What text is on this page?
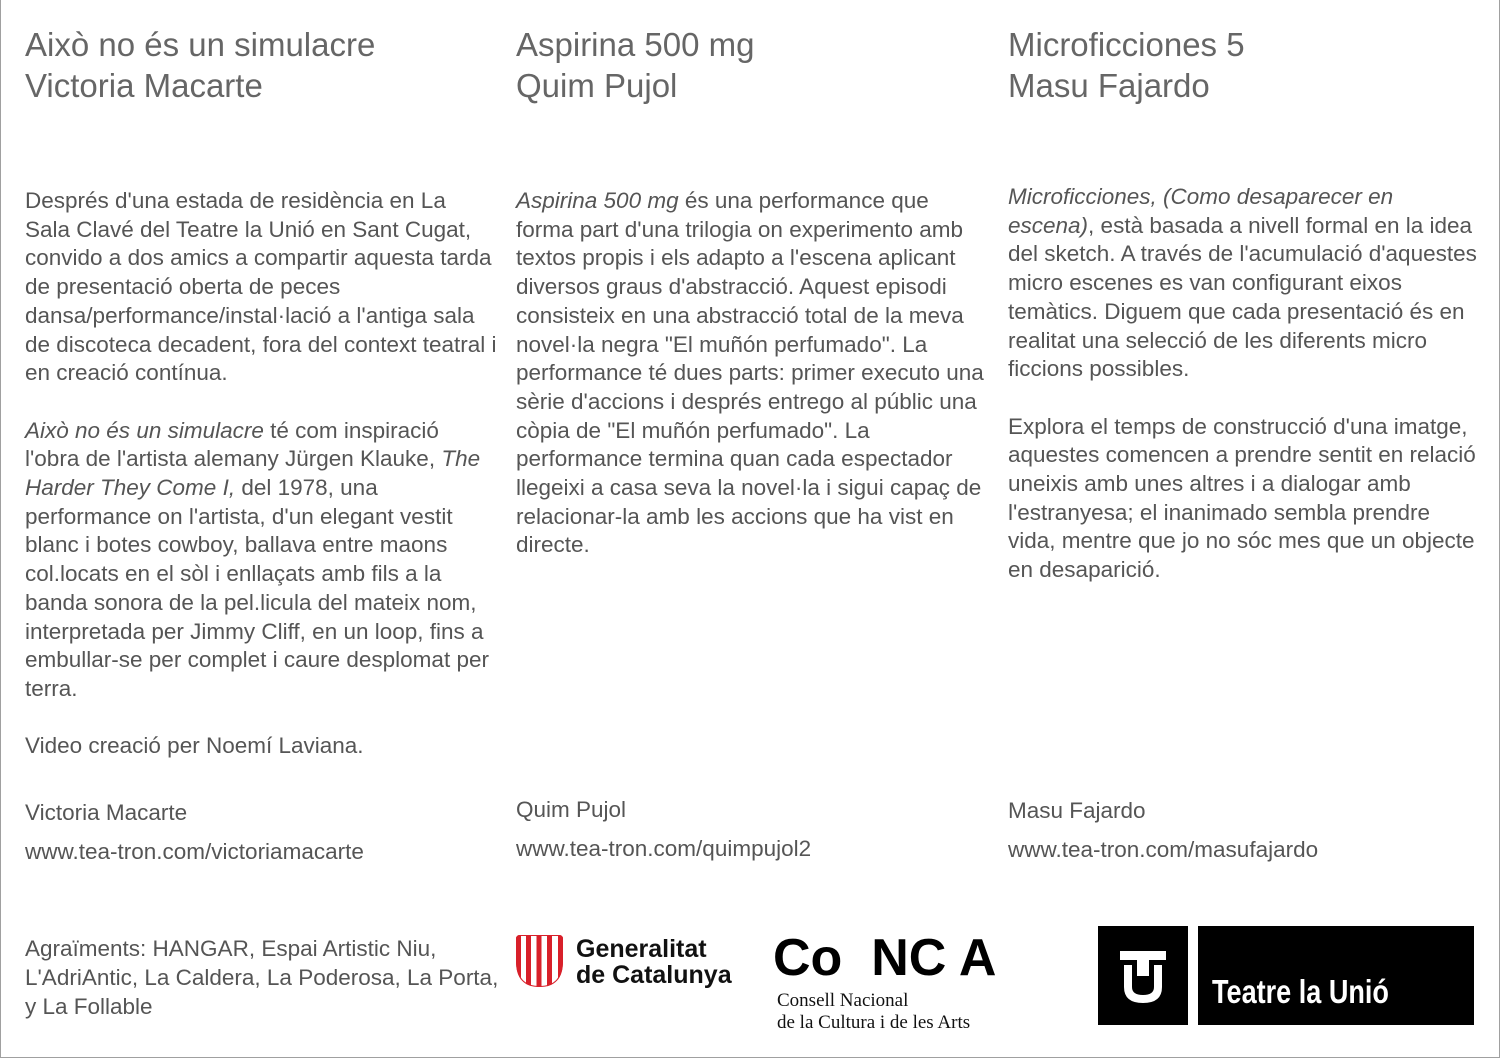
Això no és un simulacre
Victoria Macarte

Després d'una estada de residència en La Sala Clavé del Teatre la Unió en Sant Cugat, convido a dos amics a compartir aquesta tarda de presentació oberta de peces dansa/performance/instal·lació a l'antiga sala de discoteca decadent, fora del context teatral i en creació contínua.

Això no és un simulacre té com inspiració l'obra de l'artista alemany Jürgen Klauke, The Harder They Come I, del 1978, una performance on l'artista, d'un elegant vestit blanc i botes cowboy, ballava entre maons col.locats en el sòl i enllaçats amb fils a la banda sonora de la pel.licula del mateix nom, interpretada per Jimmy Cliff, en un loop, fins a embullar-se per complet i caure desplomat per terra.

Video creació per Noemí Laviana.

Victoria Macarte
www.tea-tron.com/victoriamacarte
Aspirina 500 mg
Quim Pujol

Aspirina 500 mg és una performance que forma part d'una trilogia on experimento amb textos propis i els adapto a l'escena aplicant diversos graus d'abstracció. Aquest episodi consisteix en una abstracció total de la meva novel·la negra "El muñón perfumado". La performance té dues parts: primer executo una sèrie d'accions i després entrego al públic una còpia de "El muñón perfumado". La performance termina quan cada espectador llegeixi a casa seva la novel·la i sigui capaç de relacionar-la amb les accions que ha vist en directe.

Quim Pujol
www.tea-tron.com/quimpujol2
Microficciones 5
Masu Fajardo

Microficciones, (Como desaparecer en escena), està basada a nivell formal en la idea del sketch. A través de l'acumulació d'aquestes micro escenes es van configurant eixos temàtics. Diguem que cada presentació és en realitat una selecció de les diferents micro ficcions possibles.

Explora el temps de construcció d'una imatge, aquestes comencen a prendre sentit en relació uneixis amb unes altres i a dialogar amb l'estranyesa; el inanimado sembla prendre vida, mentre que jo no sóc mes que un objecte en desaparició.

Masu Fajardo
www.tea-tron.com/masufajardo
Agraïments: HANGAR, Espai Artistic Niu, L'AdriAntic, La Caldera, La Poderosa, La Porta, y La Follable
Generalitat
de Catalunya Co  NC A
Consell Nacional
de la Cultura i de les Arts
Teatre la Unió
